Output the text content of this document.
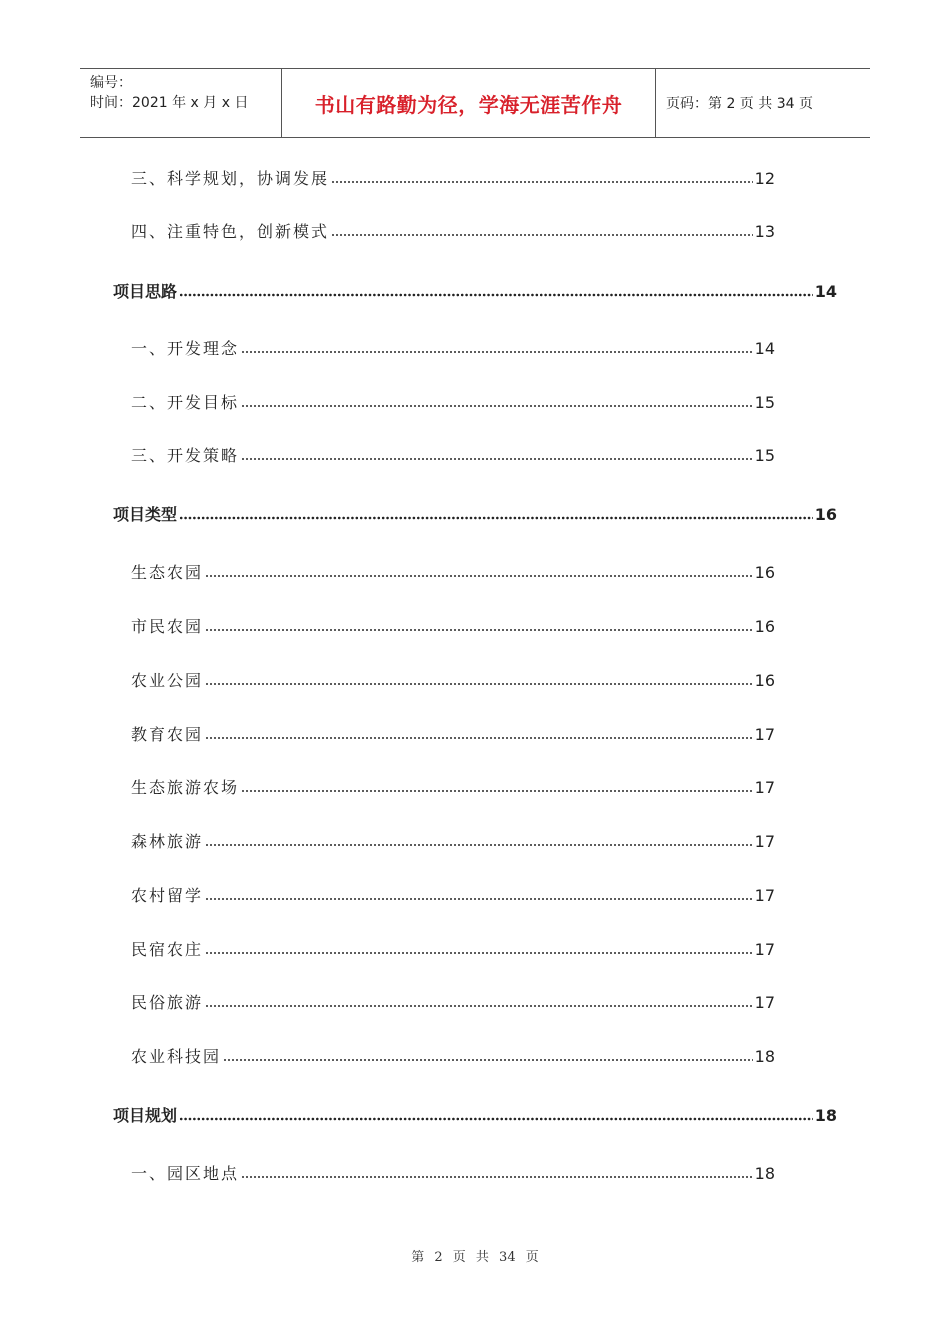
编号：
时间：2021 年 x 月 x 日	书山有路勤为径，学海无涯苦作舟	页码：第 2 页 共 34 页
三、科学规划，协调发展	12
四、注重特色，创新模式	13
项目思路	14
一、开发理念	14
二、开发目标	15
三、开发策略	15
项目类型	16
生态农园	16
市民农园	16
农业公园	16
教育农园	17
生态旅游农场	17
森林旅游	17
农村留学	17
民宿农庄	17
民俗旅游	17
农业科技园	18
项目规划	18
一、园区地点	18
第 2 页 共 34 页
